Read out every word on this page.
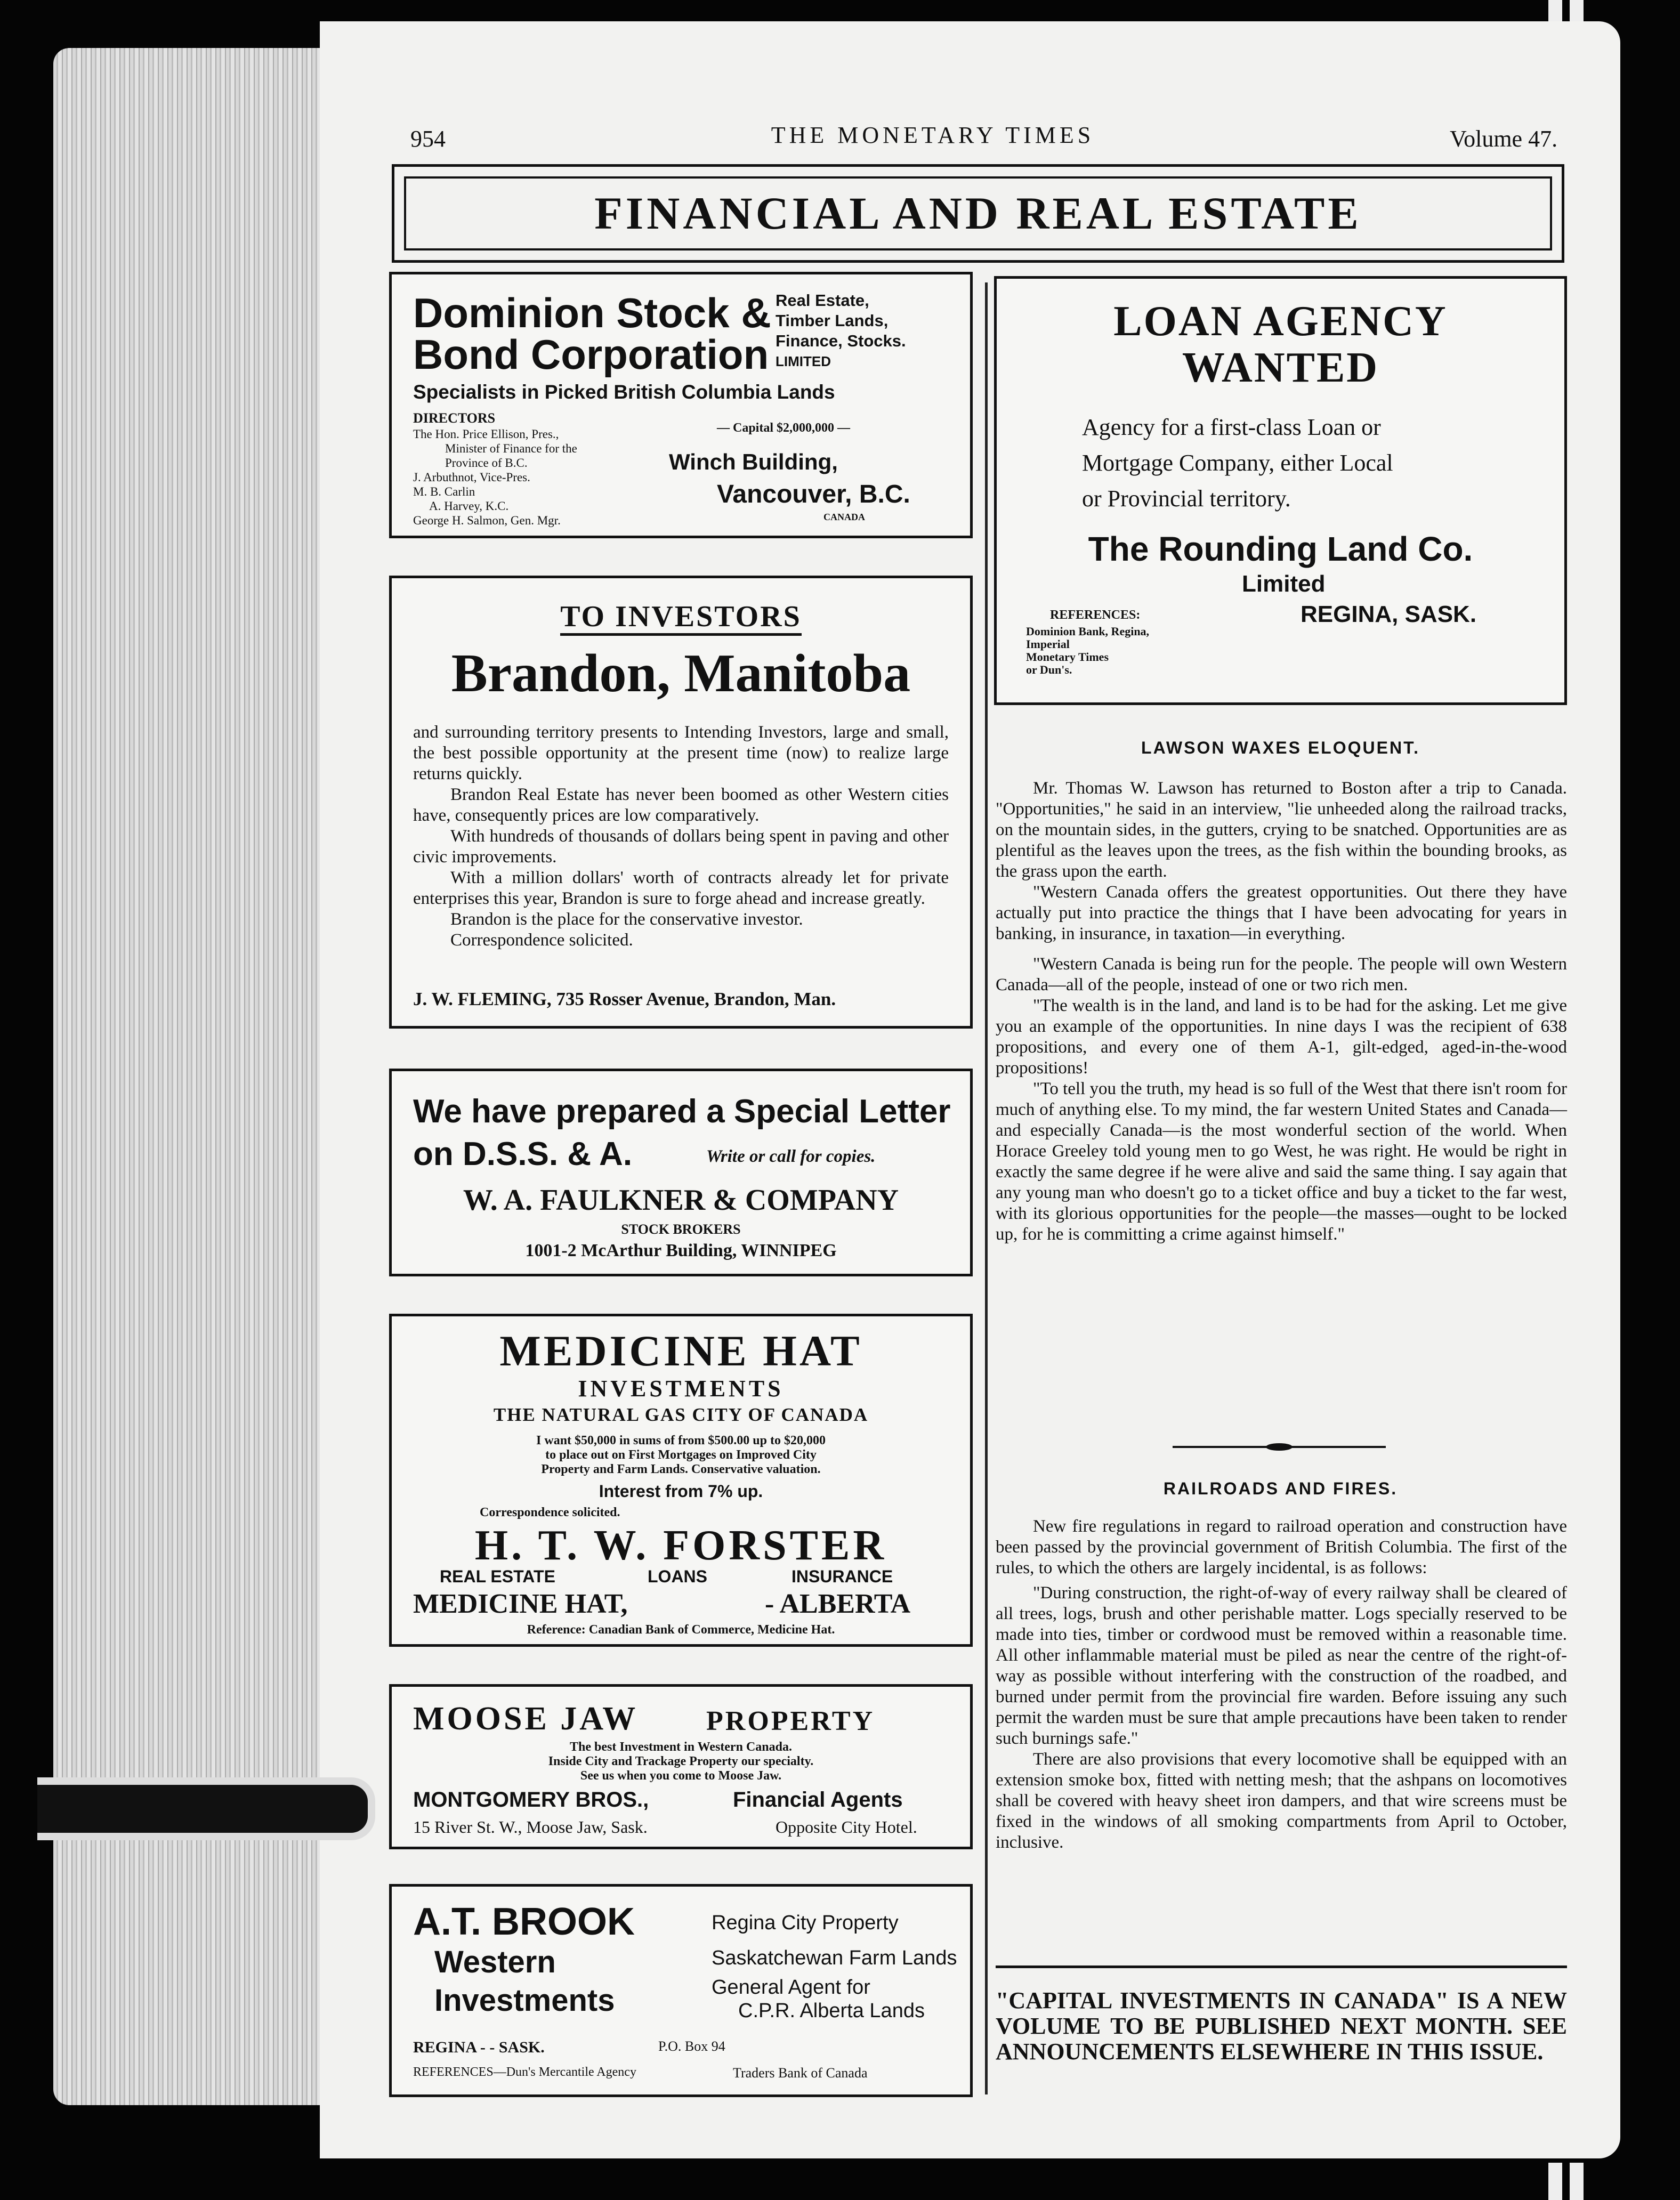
954	THE MONETARY TIMES	Volume 47.
FINANCIAL AND REAL ESTATE
Dominion Stock &
Bond Corporation
Real Estate,
Timber Lands,
Finance, Stocks.
LIMITED
Specialists in Picked British Columbia Lands
DIRECTORS
The Hon. Price Ellison, Pres.,
Minister of Finance for the
Province of B.C.
J. Arbuthnot, Vice-Pres.
M. B. Carlin
A. Harvey, K.C.
George H. Salmon, Gen. Mgr.
— Capital $2,000,000 —
Winch Building,
Vancouver, B.C.
CANADA
TO INVESTORS
Brandon, Manitoba

and surrounding territory presents to Intending Investors, large and small, the best possible opportunity at the present time (now) to realize large returns quickly.

Brandon Real Estate has never been boomed as other Western cities have, consequently prices are low comparatively.

With hundreds of thousands of dollars being spent in paving and other civic improvements.

With a million dollars' worth of contracts already let for private enterprises this year, Brandon is sure to forge ahead and increase greatly.

Brandon is the place for the conservative investor.

Correspondence solicited.

J. W. FLEMING, 735 Rosser Avenue, Brandon, Man.
We have prepared a Special Letter
on D.S.S. & A.	Write or call for copies.
W. A. FAULKNER & COMPANY
STOCK BROKERS
1001-2 McArthur Building, WINNIPEG
MEDICINE HAT
INVESTMENTS
THE NATURAL GAS CITY OF CANADA
I want $50,000 in sums of from $500.00 up to $20,000
to place out on First Mortgages on Improved City
Property and Farm Lands. Conservative valuation.
Interest from 7% up.
Correspondence solicited.
H. T. W. FORSTER
REAL ESTATE	LOANS	INSURANCE
MEDICINE HAT,	- ALBERTA
Reference: Canadian Bank of Commerce, Medicine Hat.
MOOSE JAW PROPERTY
The best Investment in Western Canada.
Inside City and Trackage Property our specialty.
See us when you come to Moose Jaw.
MONTGOMERY BROS.,	Financial Agents
15 River St. W., Moose Jaw, Sask.	Opposite City Hotel.
A.T. BROOK
Western
Investments
Regina City Property
Saskatchewan Farm Lands
General Agent for
C.P.R. Alberta Lands
REGINA - - SASK.	P.O. Box 94
REFERENCES—Dun's Mercantile Agency	Traders Bank of Canada
LOAN AGENCY
WANTED
Agency for a first-class Loan or
Mortgage Company, either Local
or Provincial territory.
The Rounding Land Co.
Limited
REGINA, SASK.
REFERENCES:
Dominion Bank, Regina,
Imperial
Monetary Times
or Dun's.
LAWSON WAXES ELOQUENT.

Mr. Thomas W. Lawson has returned to Boston after a trip to Canada. "Opportunities," he said in an interview, "lie unheeded along the railroad tracks, on the mountain sides, in the gutters, crying to be snatched. Opportunities are as plentiful as the leaves upon the trees, as the fish within the bounding brooks, as the grass upon the earth.

"Western Canada offers the greatest opportunities. Out there they have actually put into practice the things that I have been advocating for years in banking, in insurance, in taxation—in everything.

"Western Canada is being run for the people. The people will own Western Canada—all of the people, instead of one or two rich men.

"The wealth is in the land, and land is to be had for the asking. Let me give you an example of the opportunities. In nine days I was the recipient of 638 propositions, and every one of them A-1, gilt-edged, aged-in-the-wood propositions!

"To tell you the truth, my head is so full of the West that there isn't room for much of anything else. To my mind, the far western United States and Canada—and especially Canada—is the most wonderful section of the world. When Horace Greeley told young men to go West, he was right. He would be right in exactly the same degree if he were alive and said the same thing. I say again that any young man who doesn't go to a ticket office and buy a ticket to the far west, with its glorious opportunities for the people—the masses—ought to be locked up, for he is committing a crime against himself."

RAILROADS AND FIRES.

New fire regulations in regard to railroad operation and construction have been passed by the provincial government of British Columbia. The first of the rules, to which the others are largely incidental, is as follows:

"During construction, the right-of-way of every railway shall be cleared of all trees, logs, brush and other perishable matter. Logs specially reserved to be made into ties, timber or cordwood must be removed within a reasonable time. All other inflammable material must be piled as near the centre of the right-of-way as possible without interfering with the construction of the roadbed, and burned under permit from the provincial fire warden. Before issuing any such permit the warden must be sure that ample precautions have been taken to render such burnings safe."

There are also provisions that every locomotive shall be equipped with an extension smoke box, fitted with netting mesh; that the ashpans on locomotives shall be covered with heavy sheet iron dampers, and that wire screens must be fixed in the windows of all smoking compartments from April to October, inclusive.

"CAPITAL INVESTMENTS IN CANADA" IS A NEW VOLUME TO BE PUBLISHED NEXT MONTH. SEE ANNOUNCEMENTS ELSEWHERE IN THIS ISSUE.
